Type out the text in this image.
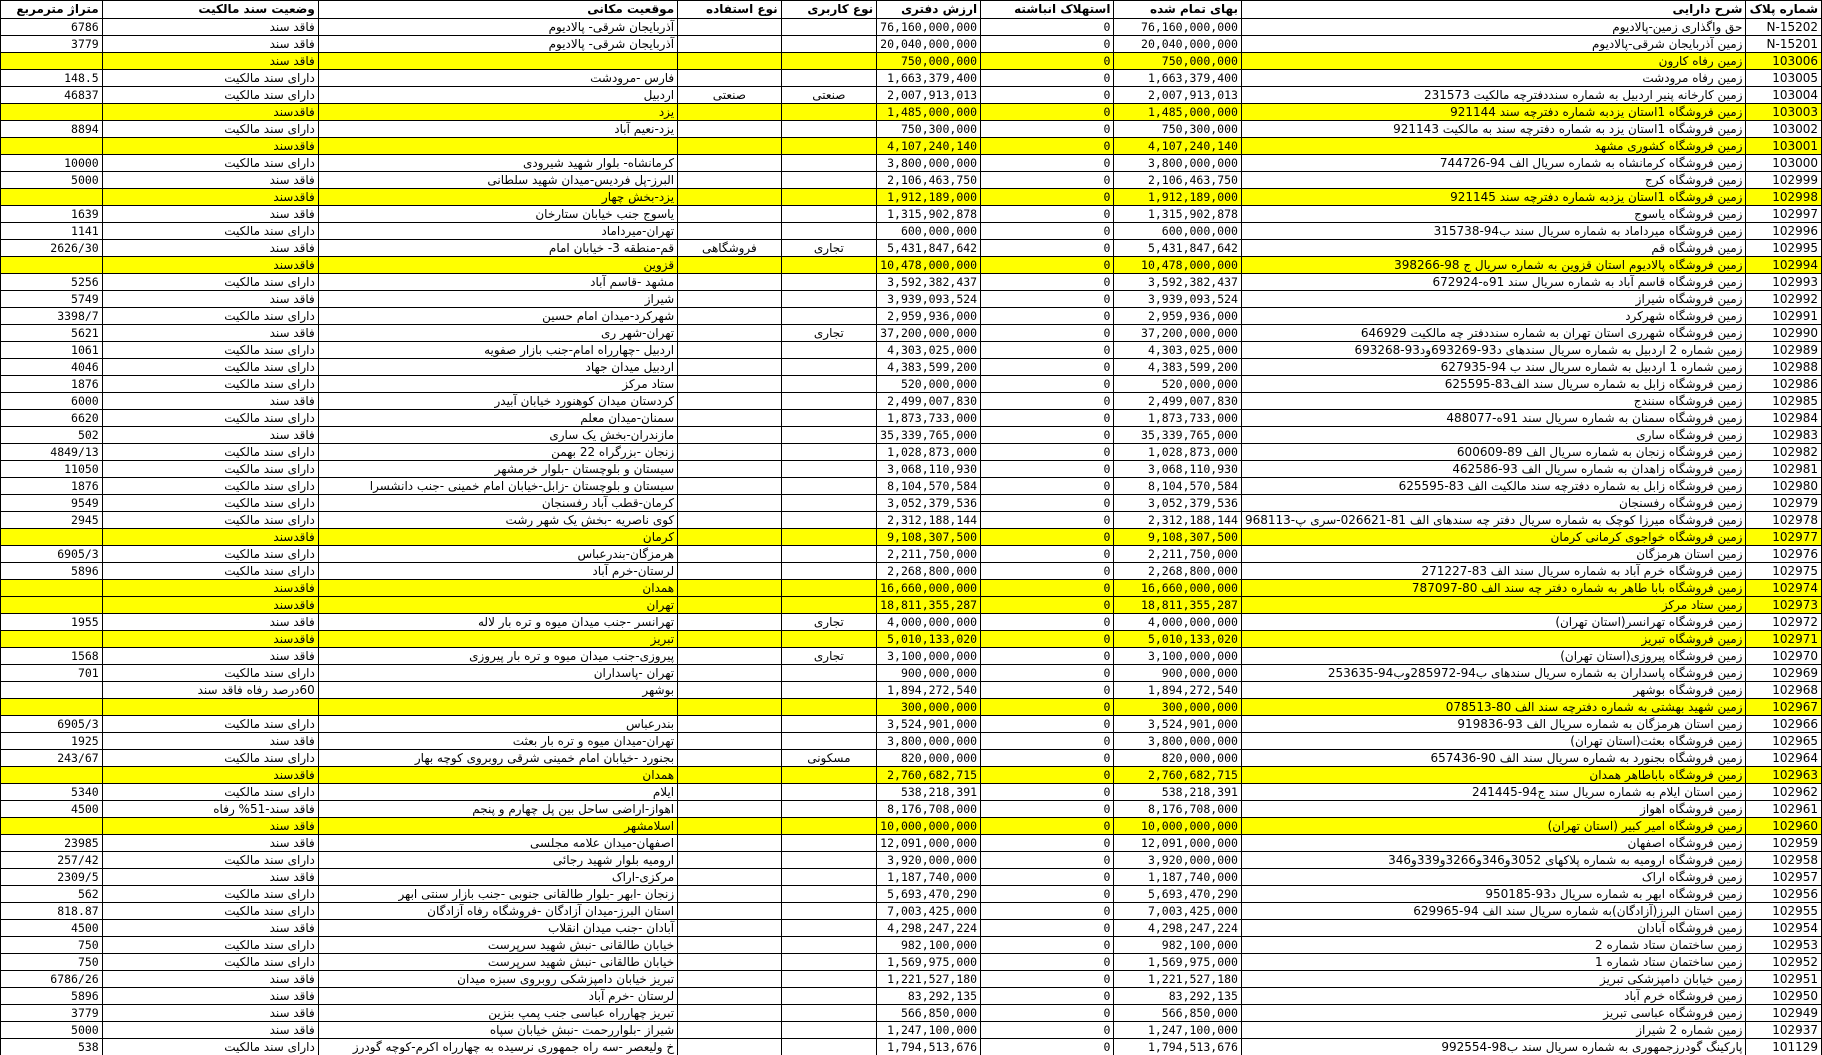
متراژ مترمربع	وضعیت سند مالکیت	موقعیت مکانی	نوع استفاده	نوع کاربری	ارزش دفتری	استهلاک انباشته	بهای تمام شده	شرح دارایی	شماره پلاک
6786	فاقد سند	آذربایجان شرقی- پالادیوم			76,160,000,000	0	76,160,000,000	حق واگذاری زمین-پالادیوم	N-15202
3779	فاقد سند	آذربایجان شرقی- پالادیوم			20,040,000,000	0	20,040,000,000	زمین آذربایجان شرقی-پالادیوم	N-15201
	فاقد سند				750,000,000	0	750,000,000	زمین رفاه کارون	103006
148.5	دارای سند مالکیت	فارس -مرودشت			1,663,379,400	0	1,663,379,400	زمین رفاه مرودشت	103005
46837	دارای سند مالکیت	اردبیل	صنعتی	صنعتی	2,007,913,013	0	2,007,913,013	زمین کارخانه پنیر اردبیل به شماره سنددفترچه مالکیت 231573	103004
	فاقدسند	یزد			1,485,000,000	0	1,485,000,000	زمین فروشگاه 1استان یزدبه شماره دفترچه سند 921144	103003
8894	دارای سند مالکیت	یزد-نعیم آباد			750,300,000	0	750,300,000	زمین فروشگاه 1استان یزد به شماره دفترچه سند به مالکیت 921143	103002
	فاقدسند				4,107,240,140	0	4,107,240,140	زمین فروشگاه کشوری مشهد	103001
10000	دارای سند مالکیت	کرمانشاه- بلوار شهید شیرودی			3,800,000,000	0	3,800,000,000	زمین فروشگاه کرمانشاه به شماره سریال الف 94-744726	103000
5000	فاقد سند	البرز-پل فردیس-میدان شهید سلطانی			2,106,463,750	0	2,106,463,750	زمین فروشگاه کرج	102999
	فاقدسند	یزد-بخش چهار			1,912,189,000	0	1,912,189,000	زمین فروشگاه 1استان یزدبه شماره دفترچه سند 921145	102998
1639	فاقد سند	یاسوج جنب خیابان ستارخان			1,315,902,878	0	1,315,902,878	زمین فروشگاه یاسوج	102997
1141	دارای سند مالکیت	تهران-میرداماد			600,000,000	0	600,000,000	زمین فروشگاه میرداماد به شماره سریال سند ب94-315738	102996
2626/30	فاقد سند	قم-منطقه 3- خیابان امام	فروشگاهی	تجاری	5,431,847,642	0	5,431,847,642	زمین فروشگاه قم	102995
	فاقدسند	قزوین			10,478,000,000	0	10,478,000,000	زمین فروشگاه پالادیوم استان قزوین به شماره سریال ج 98-398266	102994
5256	دارای سند مالکیت	مشهد -قاسم آباد			3,592,382,437	0	3,592,382,437	زمین فروشگاه قاسم آباد به شماره سریال سند 91ه-672924	102993
5749	فاقد سند	شیراز			3,939,093,524	0	3,939,093,524	زمین فروشگاه شیراز	102992
3398/7	دارای سند مالکیت	شهرکرد-میدان امام حسین			2,959,936,000	0	2,959,936,000	زمین فروشگاه شهرکرد	102991
5621	فاقد سند	تهران-شهر ری		تجاری	37,200,000,000	0	37,200,000,000	زمین فروشگاه شهرری استان تهران به شماره سنددفتر چه مالکیت 646929	102990
1061	دارای سند مالکیت	اردبیل -چهارراه امام-جنب بازار صفویه			4,303,025,000	0	4,303,025,000	زمین شماره 2 اردبیل به شماره سریال سندهای د93-693269ود93-693268	102989
4046	دارای سند مالکیت	اردبیل میدان جهاد			4,383,599,200	0	4,383,599,200	زمین شماره 1 اردبیل به شماره سریال سند ب 94-627935	102988
1876	دارای سند مالکیت	ستاد مرکز			520,000,000	0	520,000,000	زمین فروشگاه زابل به شماره سریال سند الف83-625595	102986
6000	فاقد سند	کردستان میدان کوهنورد خیابان آبیدر			2,499,007,830	0	2,499,007,830	زمین فروشگاه سنندج	102985
6620	دارای سند مالکیت	سمنان-میدان معلم			1,873,733,000	0	1,873,733,000	زمین فروشگاه سمنان به شماره سریال سند 91ه-488077	102984
502	فاقد سند	مازندران-بخش یک ساری			35,339,765,000	0	35,339,765,000	زمین فروشگاه ساری	102983
4849/13	دارای سند مالکیت	زنجان -بزرگراه 22 بهمن			1,028,873,000	0	1,028,873,000	زمین فروشگاه زنجان به شماره سریال الف 89-600609	102982
11050	دارای سند مالکیت	سیستان و بلوچستان -بلوار خرمشهر			3,068,110,930	0	3,068,110,930	زمین فروشگاه زاهدان به شماره سریال الف 93-462586	102981
1876	دارای سند مالکیت	سیستان و بلوچستان -زابل-خیابان امام خمینی -جنب دانشسرا			8,104,570,584	0	8,104,570,584	زمین فروشگاه زابل به شماره دفترچه سند مالکیت الف 83-625595	102980
9549	دارای سند مالکیت	کرمان-قطب آباد رفسنجان			3,052,379,536	0	3,052,379,536	زمین فروشگاه رفسنجان	102979
2945	دارای سند مالکیت	کوی ناصریه -بخش یک شهر رشت			2,312,188,144	0	2,312,188,144	زمین فروشگاه میرزا کوچک به شماره سریال دفتر چه سندهای الف 81-026621-سری پ-968113	102978
	فاقدسند	کرمان			9,108,307,500	0	9,108,307,500	زمین فروشگاه خواجوی کرمانی کرمان	102977
6905/3	دارای سند مالکیت	هرمزگان-بندرعباس			2,211,750,000	0	2,211,750,000	زمین استان هرمزگان	102976
5896	دارای سند مالکیت	لرستان-خرم آباد			2,268,800,000	0	2,268,800,000	زمین فروشگاه خرم آباد به شماره سریال سند الف 83-271227	102975
	فاقدسند	همدان			16,660,000,000	0	16,660,000,000	زمین فروشگاه بابا طاهر به شماره دفتر چه سند الف 80-787097	102974
	فاقدسند	تهران			18,811,355,287	0	18,811,355,287	زمین ستاد مرکز	102973
1955	فاقد سند	تهرانسر -جنب میدان میوه و تره بار لاله		تجاری	4,000,000,000	0	4,000,000,000	زمین فروشگاه تهرانسر(استان تهران)	102972
	فاقدسند	تبریز			5,010,133,020	0	5,010,133,020	زمین فروشگاه تبریز	102971
1568	فاقد سند	پیروزی-جنب میدان میوه و تره بار پیروزی		تجاری	3,100,000,000	0	3,100,000,000	زمین فروشگاه پیروزی(استان تهران)	102970
701	دارای سند مالکیت	تهران -پاسداران			900,000,000	0	900,000,000	زمین فروشگاه پاسداران به شماره سریال سندهای ب94-285972وب94-253635	102969
	60درصد رفاه فاقد سند	بوشهر			1,894,272,540	0	1,894,272,540	زمین فروشگاه بوشهر	102968
					300,000,000	0	300,000,000	زمین شهید بهشتی به شماره دفترچه سند الف 80-078513	102967
6905/3	دارای سند مالکیت	بندرعباس			3,524,901,000	0	3,524,901,000	زمین استان هرمزگان به شماره سریال الف 93-919836	102966
1925	فاقد سند	تهران-میدان میوه و تره بار بعثت			3,800,000,000	0	3,800,000,000	زمین فروشگاه بعثت(استان تهران)	102965
243/67	دارای سند مالکیت	بجنورد -خیابان امام خمینی شرقی روبروی کوچه بهار		مسکونی	820,000,000	0	820,000,000	زمین فروشگاه بجنورد به شماره سریال سند الف 90-657436	102964
	فاقدسند	همدان			2,760,682,715	0	2,760,682,715	زمین فروشگاه باباطاهر همدان	102963
5340	دارای سند مالکیت	ایلام			538,218,391	0	538,218,391	زمین استان ایلام به شماره سریال سند ج94-241445	102962
4500	فاقد سند-51% رفاه	اهواز-اراضی ساحل بین پل چهارم و پنجم			8,176,708,000	0	8,176,708,000	زمین فروشگاه اهواز	102961
	فاقد سند	اسلامشهر			10,000,000,000	0	10,000,000,000	زمین فروشگاه امیر کبیر (استان تهران)	102960
23985	فاقد سند	اصفهان-میدان علامه مجلسی			12,091,000,000	0	12,091,000,000	زمین فروشگاه اصفهان	102959
257/42	دارای سند مالکیت	ارومیه بلوار شهید رجائی			3,920,000,000	0	3,920,000,000	زمین فروشگاه ارومیه به شماره پلاکهای 3052و346و3266و339و346	102958
2309/5	فاقد سند	مرکزی-اراک			1,187,740,000	0	1,187,740,000	زمین فروشگاه اراک	102957
562	دارای سند مالکیت	زنجان -ابهر -بلوار طالقانی جنوبی -جنب بازار سنتی ابهر			5,693,470,290	0	5,693,470,290	زمین فروشگاه ابهر به شماره سریال د93-950185	102956
818.87	دارای سند مالکیت	استان البرز-میدان آزادگان -فروشگاه رفاه آزادگان			7,003,425,000	0	7,003,425,000	زمین استان البرز(آزادگان)به شماره سریال سند الف 94-629965	102955
4500	فاقد سند	آبادان -جنب میدان انقلاب			4,298,247,224	0	4,298,247,224	زمین فروشگاه آبادان	102954
750	دارای سند مالکیت	خیابان طالقانی -نبش شهید سرپرست			982,100,000	0	982,100,000	زمین ساختمان ستاد شماره 2	102953
750	دارای سند مالکیت	خیابان طالقانی -نبش شهید سرپرست			1,569,975,000	0	1,569,975,000	زمین ساختمان ستاد شماره 1	102952
6786/26	فاقد سند	تبریز خیابان دامپزشکی روبروی سبزه میدان			1,221,527,180	0	1,221,527,180	زمین خیابان دامپزشکی تبریز	102951
5896	فاقد سند	لرستان -خرم آباد			83,292,135	0	83,292,135	زمین فروشگاه خرم آباد	102950
3779	فاقد سند	تبریز چهارراه عباسی جنب پمپ بنزین			566,850,000	0	566,850,000	زمین فروشگاه عباسی تبریز	102949
5000	فاقد سند	شیراز -بلواررحمت -نبش خیابان سپاه			1,247,100,000	0	1,247,100,000	زمین شماره 2 شیراز	102937
538	دارای سند مالکیت	خ ولیعصر -سه راه جمهوری نرسیده به چهارراه اکرم-کوچه گودرز			1,794,513,676	0	1,794,513,676	پارکینگ گودرزجمهوری به شماره سریال سند ب98-992554	101129
